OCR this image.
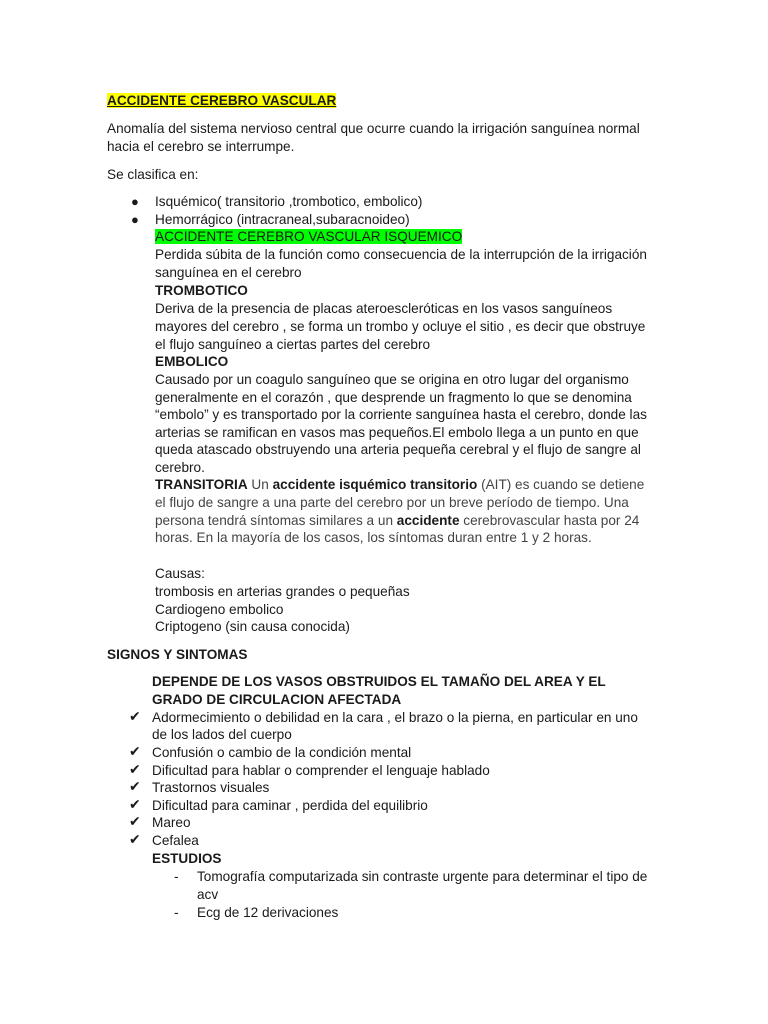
ACCIDENTE CEREBRO VASCULAR
Anomalía del sistema nervioso central que ocurre cuando la irrigación sanguínea normal
hacia el cerebro se interrumpe.
Se clasifica en:
● Isquémico( transitorio ,trombotico, embolico)
● Hemorrágico (intracraneal,subaracnoideo)
ACCIDENTE CEREBRO VASCULAR ISQUEMICO
Perdida súbita de la función como consecuencia de la interrupción de la irrigación
sanguínea en el cerebro
TROMBOTICO
Deriva de la presencia de placas ateroescleróticas en los vasos sanguíneos
mayores del cerebro , se forma un trombo y ocluye el sitio , es decir que obstruye
el flujo sanguíneo a ciertas partes del cerebro
EMBOLICO
Causado por un coagulo sanguíneo que se origina en otro lugar del organismo
generalmente en el corazón , que desprende un fragmento lo que se denomina
“embolo” y es transportado por la corriente sanguínea hasta el cerebro, donde las
arterias se ramifican en vasos mas pequeños.El embolo llega a un punto en que
queda atascado obstruyendo una arteria pequeña cerebral y el flujo de sangre al
cerebro.
TRANSITORIA Un accidente isquémico transitorio (AIT) es cuando se detiene
el flujo de sangre a una parte del cerebro por un breve período de tiempo. Una
persona tendrá síntomas similares a un accidente cerebrovascular hasta por 24
horas. En la mayoría de los casos, los síntomas duran entre 1 y 2 horas.
Causas:
trombosis en arterias grandes o pequeñas
Cardiogeno embolico
Criptogeno (sin causa conocida)
SIGNOS Y SINTOMAS
DEPENDE DE LOS VASOS OBSTRUIDOS EL TAMAÑO DEL AREA Y EL
GRADO DE CIRCULACION AFECTADA
✔ Adormecimiento o debilidad en la cara , el brazo o la pierna, en particular en uno
de los lados del cuerpo
✔ Confusión o cambio de la condición mental
✔ Dificultad para hablar o comprender el lenguaje hablado
✔ Trastornos visuales
✔ Dificultad para caminar , perdida del equilibrio
✔ Mareo
✔ Cefalea
ESTUDIOS
- Tomografía computarizada sin contraste urgente para determinar el tipo de
acv
- Ecg de 12 derivaciones
